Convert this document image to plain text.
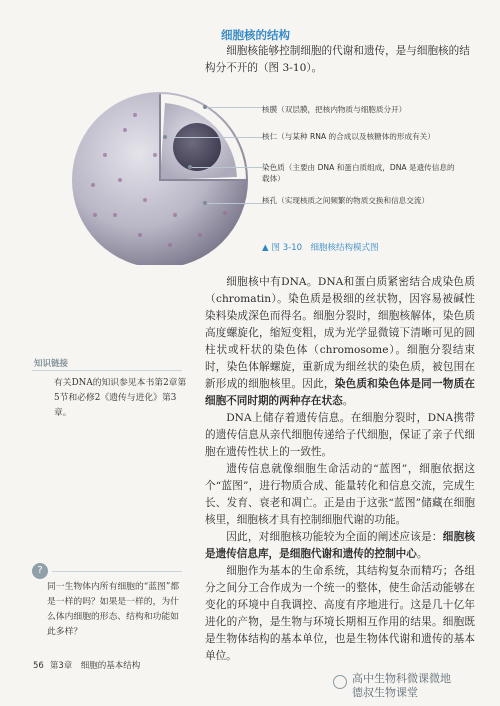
细胞核的结构
细胞核能够控制细胞的代谢和遗传，是与细胞核的结构分不开的（图 3-10）。
核膜（双层膜，把核内物质与细胞质分开）
核仁（与某种 RNA 的合成以及核糖体的形成有关）
染色质（主要由 DNA 和蛋白质组成，DNA 是遗传信息的载体）
核孔（实现核质之间频繁的物质交换和信息交流）
▲ 图 3-10　细胞核结构模式图

细胞核中有DNA。DNA和蛋白质紧密结合成染色质（chromatin）。染色质是极细的丝状物，因容易被碱性染料染成深色而得名。细胞分裂时，细胞核解体，染色质高度螺旋化，缩短变粗，成为光学显微镜下清晰可见的圆柱状或杆状的染色体（chromosome）。细胞分裂结束时，染色体解螺旋，重新成为细丝状的染色质，被包围在新形成的细胞核里。因此，染色质和染色体是同一物质在细胞不同时期的两种存在状态。

DNA上储存着遗传信息。在细胞分裂时，DNA携带的遗传信息从亲代细胞传递给子代细胞，保证了亲子代细胞在遗传性状上的一致性。

遗传信息就像细胞生命活动的“蓝图”，细胞依据这个“蓝图”，进行物质合成、能量转化和信息交流，完成生长、发育、衰老和凋亡。正是由于这张“蓝图”储藏在细胞核里，细胞核才具有控制细胞代谢的功能。

因此，对细胞核功能较为全面的阐述应该是：细胞核是遗传信息库，是细胞代谢和遗传的控制中心。

细胞作为基本的生命系统，其结构复杂而精巧；各组分之间分工合作成为一个统一的整体，使生命活动能够在变化的环境中自我调控、高度有序地进行。这是几十亿年进化的产物，是生物与环境长期相互作用的结果。细胞既是生物体结构的基本单位，也是生物体代谢和遗传的基本单位。

知识链接
有关DNA的知识参见本书第2章第5节和必修2《遗传与进化》第3章。
?
同一生物体内所有细胞的“蓝图”都是一样的吗？如果是一样的，为什么体内细胞的形态、结构和功能如此多样？
56 第3章　细胞的基本结构
高中生物科微课微地
德叔生物课堂
